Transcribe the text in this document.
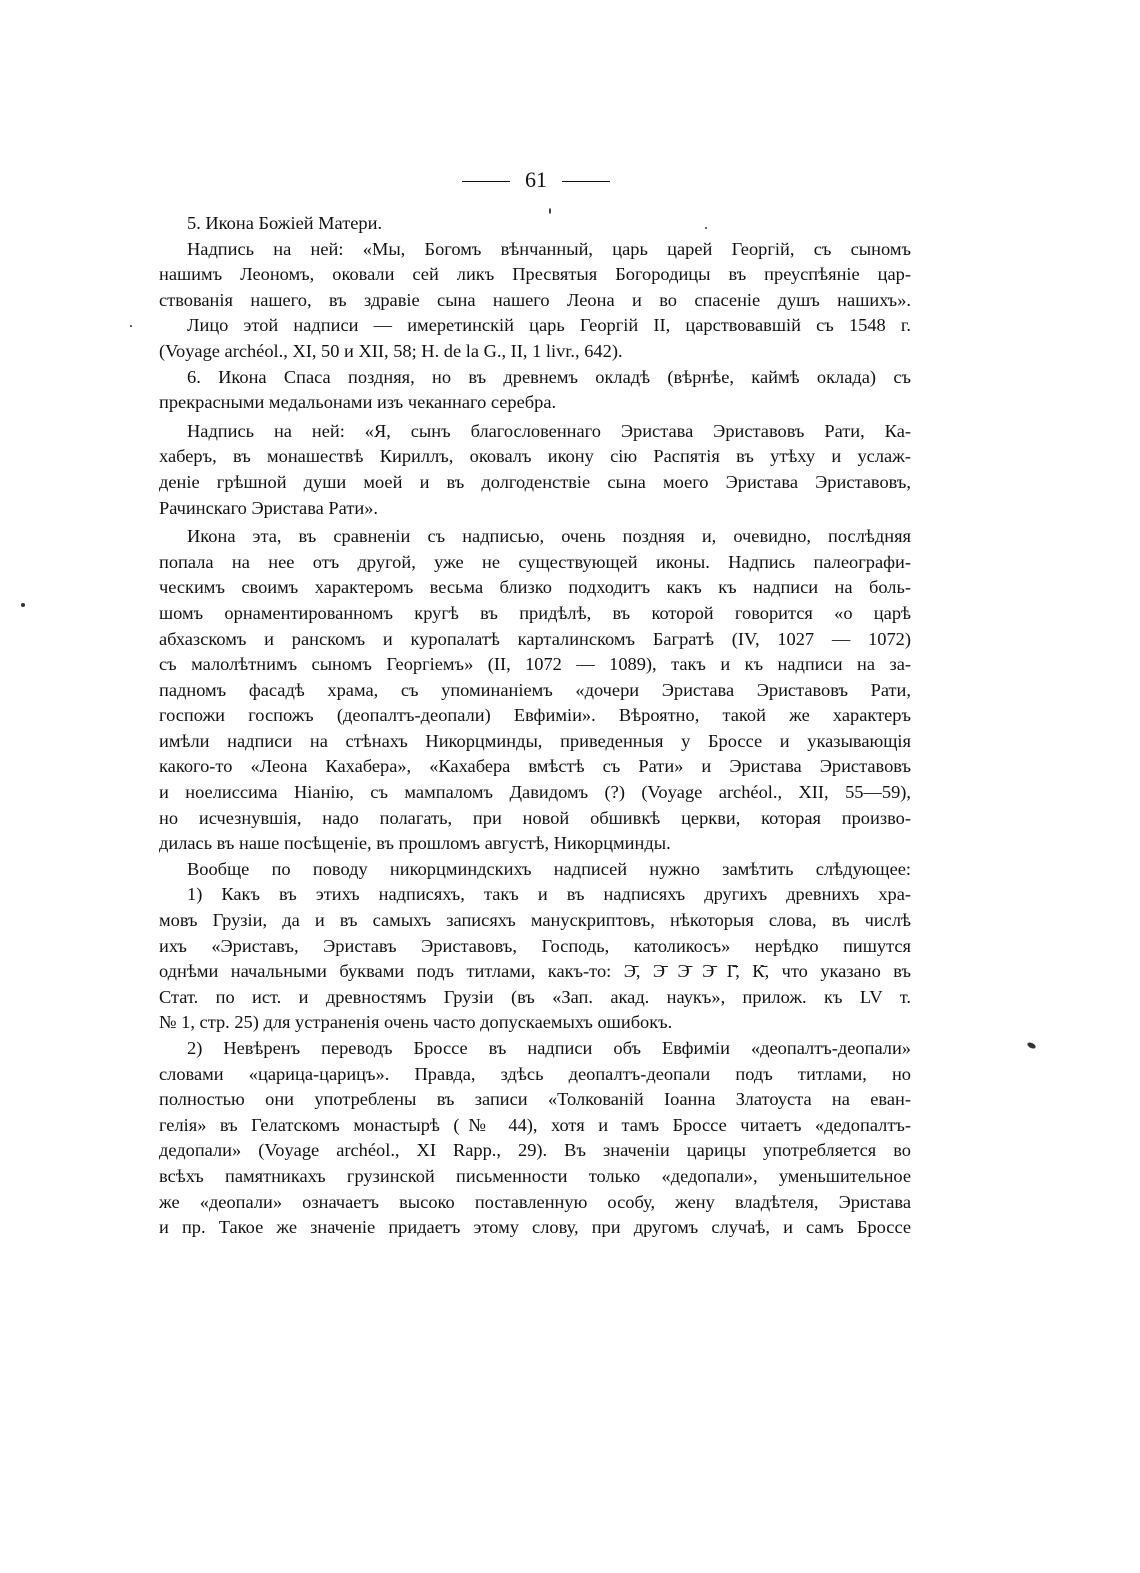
61
5. Икона Божіей Матери.
Надпись на ней: «Мы, Богомъ вѣнчанный, царь царей Георгій, съ сыномъ
нашимъ Леономъ, оковали сей ликъ Пресвятыя Богородицы въ преуспѣяніе цар-
ствованія нашего, въ здравіе сына нашего Леона и во спасеніе душъ нашихъ».
Лицо этой надписи — имеретинскій царь Георгій II, царствовавшій съ 1548 г.
(Voyage archéol., XI, 50 и XII, 58; H. de la G., II, 1 livr., 642).
6. Икона Спаса поздняя, но въ древнемъ окладѣ (вѣрнѣе, каймѣ оклада) съ
прекрасными медальонами изъ чеканнаго серебра.
Надпись на ней: «Я, сынъ благословеннаго Эристава Эриставовъ Рати, Ка-
хаберъ, въ монашествѣ Кириллъ, оковалъ икону сію Распятія въ утѣху и услаж-
деніе грѣшной души моей и въ долгоденствіе сына моего Эристава Эриставовъ,
Рачинскаго Эристава Рати».
Икона эта, въ сравненіи съ надписью, очень поздняя и, очевидно, послѣдняя
попала на нее отъ другой, уже не существующей иконы. Надпись палеографи-
ческимъ своимъ характеромъ весьма близко подходитъ какъ къ надписи на боль-
шомъ орнаментированномъ кругѣ въ придѣлѣ, въ которой говорится «о царѣ
абхазскомъ и ранскомъ и куропалатѣ карталинскомъ Багратѣ (IV, 1027 — 1072)
съ малолѣтнимъ сыномъ Георгіемъ» (II, 1072 — 1089), такъ и къ надписи на за-
падномъ фасадѣ храма, съ упоминаніемъ «дочери Эристава Эриставовъ Рати,
госпожи госпожъ (деопалтъ-деопали) Евфиміи». Вѣроятно, такой же характеръ
имѣли надписи на стѣнахъ Никорцминды, приведенныя у Броссе и указывающія
какого-то «Леона Кахабера», «Кахабера вмѣстѣ съ Рати» и Эристава Эриставовъ
и ноелиссима Ніанію, съ мампаломъ Давидомъ (?) (Voyage archéol., XII, 55—59),
но исчезнувшія, надо полагать, при новой обшивкѣ церкви, которая произво-
дилась въ наше посѣщеніе, въ прошломъ августѣ, Никорцминды.
Вообще по поводу никорцминдскихъ надписей нужно замѣтить слѣдующее:
1) Какъ въ этихъ надписяхъ, такъ и въ надписяхъ другихъ древнихъ хра-
мовъ Грузіи, да и въ самыхъ записяхъ манускриптовъ, нѣкоторыя слова, въ числѣ
ихъ «Эриставъ, Эриставъ Эриставовъ, Господь, католикосъ» нерѣдко пишутся
однѣми начальными буквами подъ титлами, какъ-то: Э̄, Э̄ Э̄ Э̄ Г̄, К̄, что указано въ
Стат. по ист. и древностямъ Грузіи (въ «Зап. акад. наукъ», прилож. къ LV т.
№ 1, стр. 25) для устраненія очень часто допускаемыхъ ошибокъ.
2) Невѣренъ переводъ Броссе въ надписи объ Евфиміи «деопалтъ-деопали»
словами «царица-царицъ». Правда, здѣсь деопалтъ-деопали подъ титлами, но
полностью они употреблены въ записи «Толкованій Іоанна Златоуста на еван-
гелія» въ Гелатскомъ монастырѣ (№ 44), хотя и тамъ Броссе читаетъ «дедопалтъ-
дедопали» (Voyage archéol., XI Rapp., 29). Въ значеніи царицы употребляется во
всѣхъ памятникахъ грузинской письменности только «дедопали», уменьшительное
же «деопали» означаетъ высоко поставленную особу, жену владѣтеля, Эристава
и пр. Такое же значеніе придаетъ этому слову, при другомъ случаѣ, и самъ Броссе
